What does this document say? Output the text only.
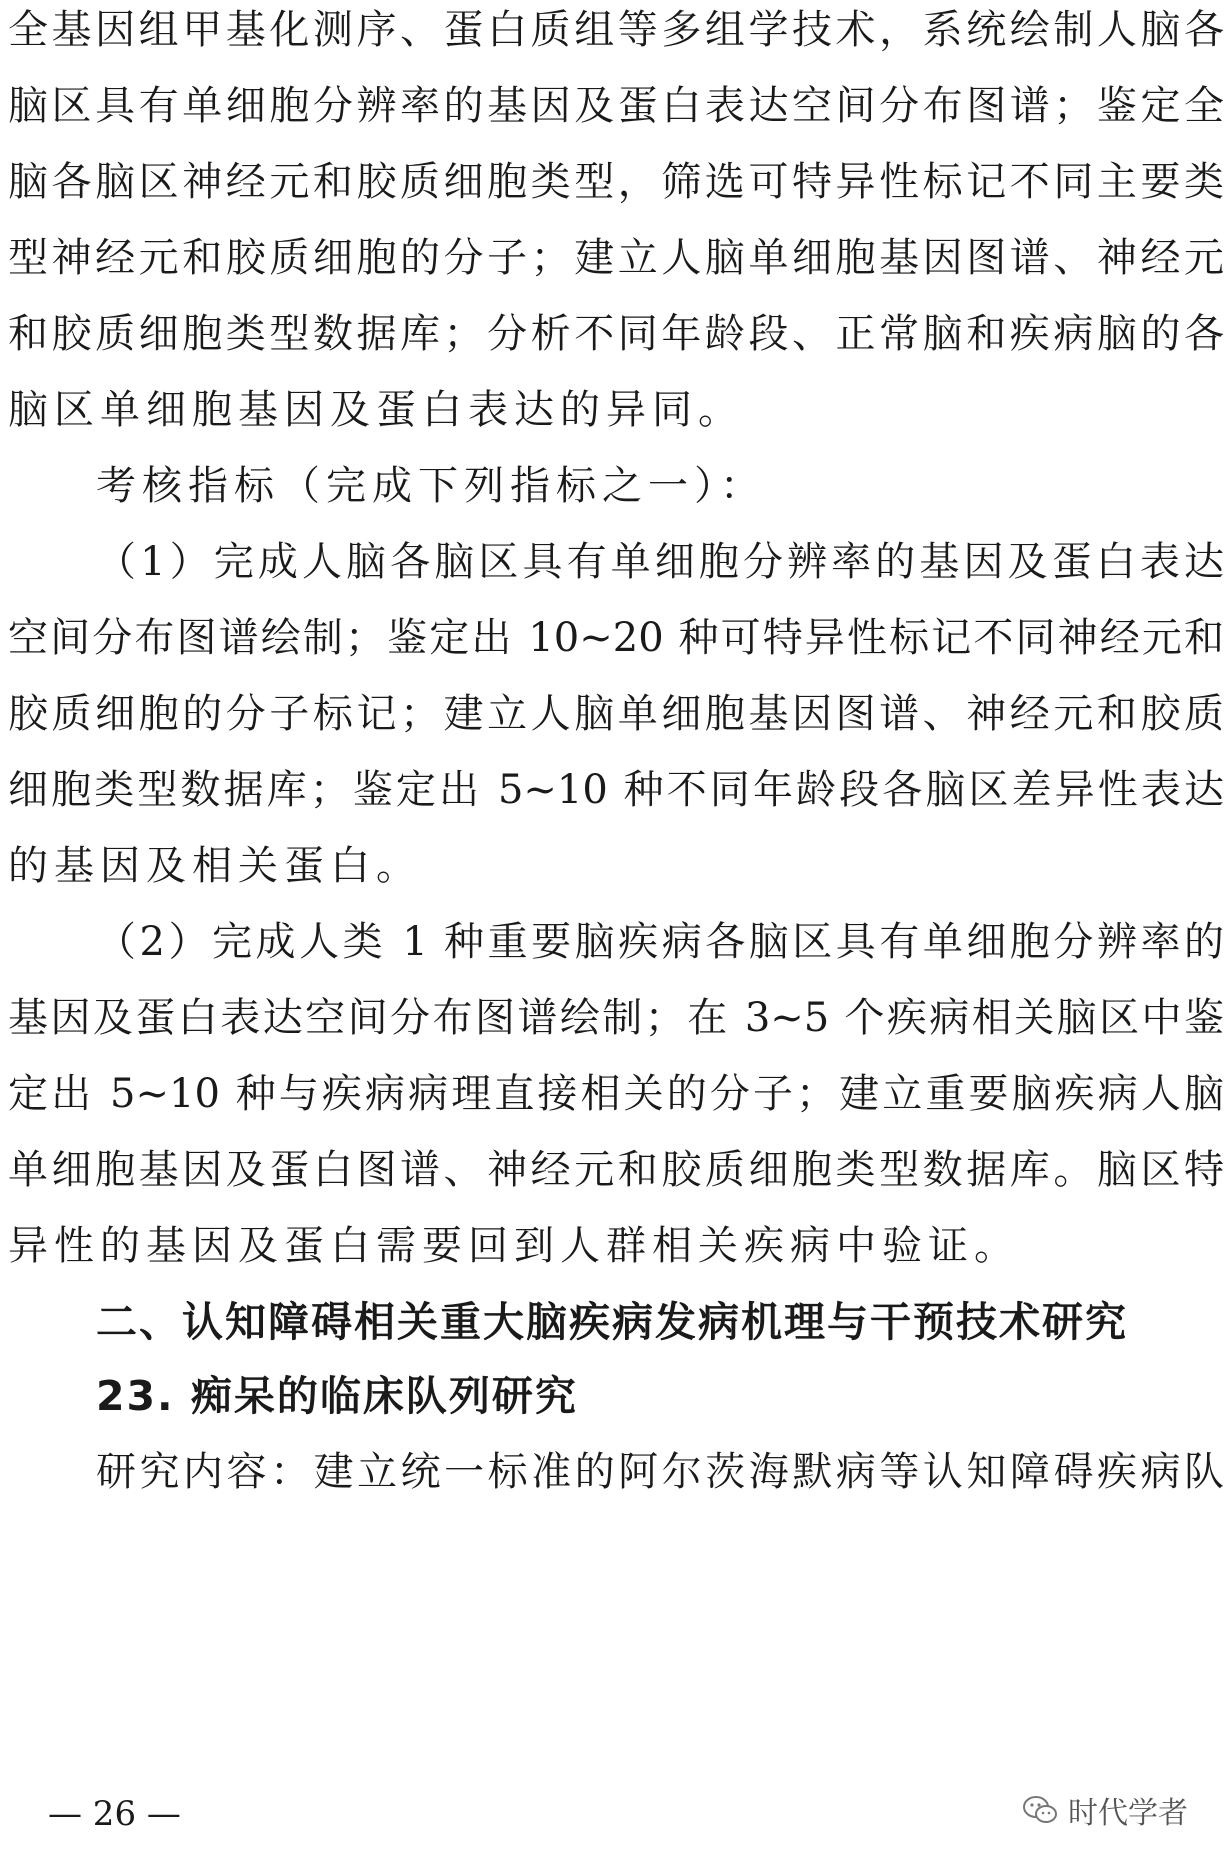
全基因组甲基化测序、蛋白质组等多组学技术，系统绘制人脑各
脑区具有单细胞分辨率的基因及蛋白表达空间分布图谱；鉴定全
脑各脑区神经元和胶质细胞类型，筛选可特异性标记不同主要类
型神经元和胶质细胞的分子；建立人脑单细胞基因图谱、神经元
和胶质细胞类型数据库；分析不同年龄段、正常脑和疾病脑的各
脑区单细胞基因及蛋白表达的异同。
考核指标（完成下列指标之一）：
（1）完成人脑各脑区具有单细胞分辨率的基因及蛋白表达
空间分布图谱绘制；鉴定出 10~20 种可特异性标记不同神经元和
胶质细胞的分子标记；建立人脑单细胞基因图谱、神经元和胶质
细胞类型数据库；鉴定出 5~10 种不同年龄段各脑区差异性表达
的基因及相关蛋白。
（2）完成人类 1 种重要脑疾病各脑区具有单细胞分辨率的
基因及蛋白表达空间分布图谱绘制；在 3~5 个疾病相关脑区中鉴
定出 5~10 种与疾病病理直接相关的分子；建立重要脑疾病人脑
单细胞基因及蛋白图谱、神经元和胶质细胞类型数据库。脑区特
异性的基因及蛋白需要回到人群相关疾病中验证。
二、认知障碍相关重大脑疾病发病机理与干预技术研究
23. 痴呆的临床队列研究
研究内容：建立统一标准的阿尔茨海默病等认知障碍疾病队
— 26 —	时代学者
